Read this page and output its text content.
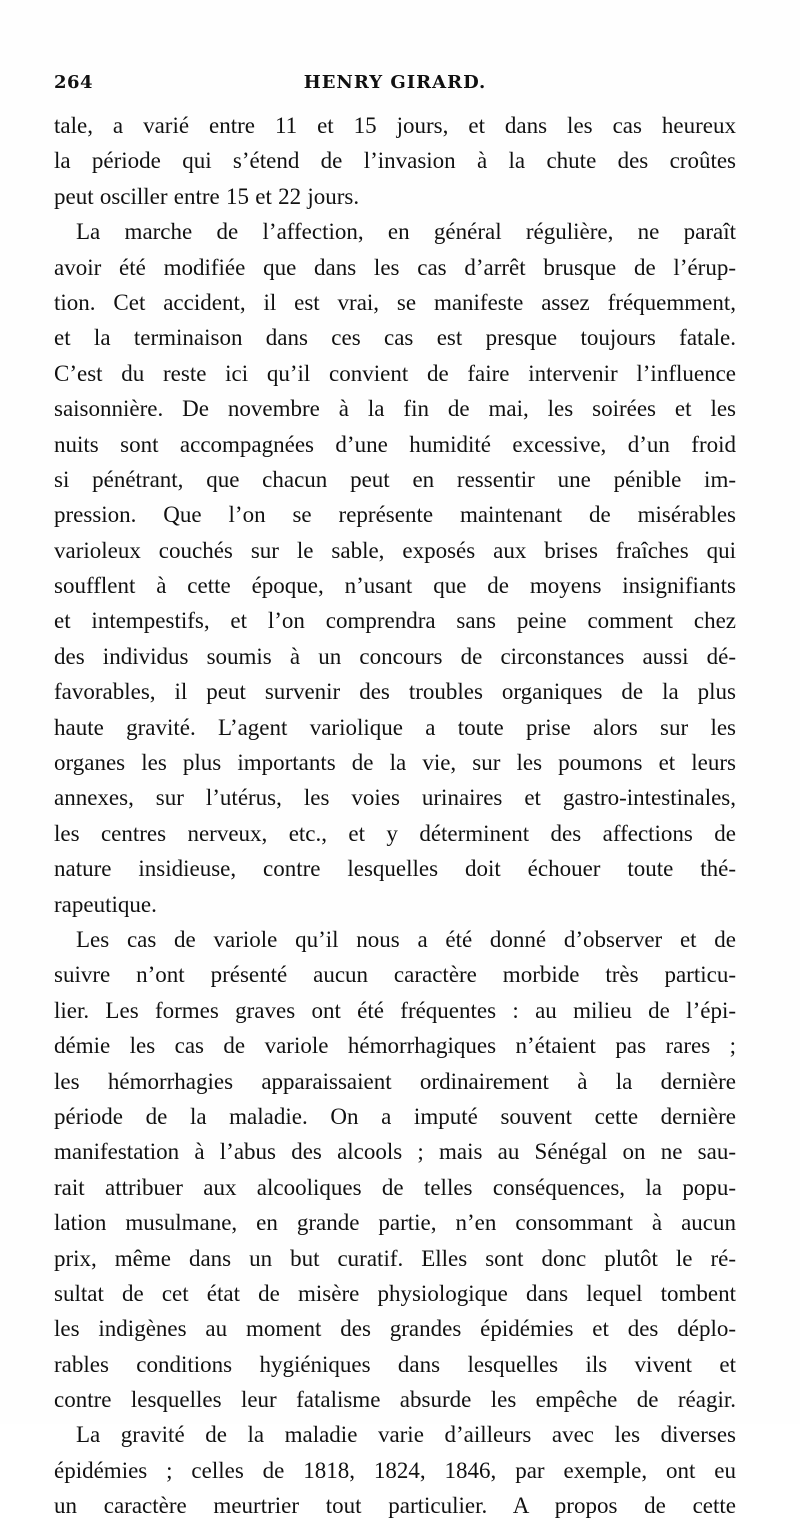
264	HENRY GIRARD.
tale, a varié entre 11 et 15 jours, et dans les cas heureux
la période qui s’étend de l’invasion à la chute des croûtes
peut osciller entre 15 et 22 jours.
La marche de l’affection, en général régulière, ne paraît
avoir été modifiée que dans les cas d’arrêt brusque de l’érup-
tion. Cet accident, il est vrai, se manifeste assez fréquemment,
et la terminaison dans ces cas est presque toujours fatale.
C’est du reste ici qu’il convient de faire intervenir l’influence
saisonnière. De novembre à la fin de mai, les soirées et les
nuits sont accompagnées d’une humidité excessive, d’un froid
si pénétrant, que chacun peut en ressentir une pénible im-
pression. Que l’on se représente maintenant de misérables
varioleux couchés sur le sable, exposés aux brises fraîches qui
soufflent à cette époque, n’usant que de moyens insignifiants
et intempestifs, et l’on comprendra sans peine comment chez
des individus soumis à un concours de circonstances aussi dé-
favorables, il peut survenir des troubles organiques de la plus
haute gravité. L’agent variolique a toute prise alors sur les
organes les plus importants de la vie, sur les poumons et leurs
annexes, sur l’utérus, les voies urinaires et gastro-intestinales,
les centres nerveux, etc., et y déterminent des affections de
nature insidieuse, contre lesquelles doit échouer toute thé-
rapeutique.
Les cas de variole qu’il nous a été donné d’observer et de
suivre n’ont présenté aucun caractère morbide très particu-
lier. Les formes graves ont été fréquentes : au milieu de l’épi-
démie les cas de variole hémorrhagiques n’étaient pas rares ;
les hémorrhagies apparaissaient ordinairement à la dernière
période de la maladie. On a imputé souvent cette dernière
manifestation à l’abus des alcools ; mais au Sénégal on ne sau-
rait attribuer aux alcooliques de telles conséquences, la popu-
lation musulmane, en grande partie, n’en consommant à aucun
prix, même dans un but curatif. Elles sont donc plutôt le ré-
sultat de cet état de misère physiologique dans lequel tombent
les indigènes au moment des grandes épidémies et des déplo-
rables conditions hygiéniques dans lesquelles ils vivent et
contre lesquelles leur fatalisme absurde les empêche de réagir.
La gravité de la maladie varie d’ailleurs avec les diverses
épidémies ; celles de 1818, 1824, 1846, par exemple, ont eu
un caractère meurtrier tout particulier. A propos de cette
